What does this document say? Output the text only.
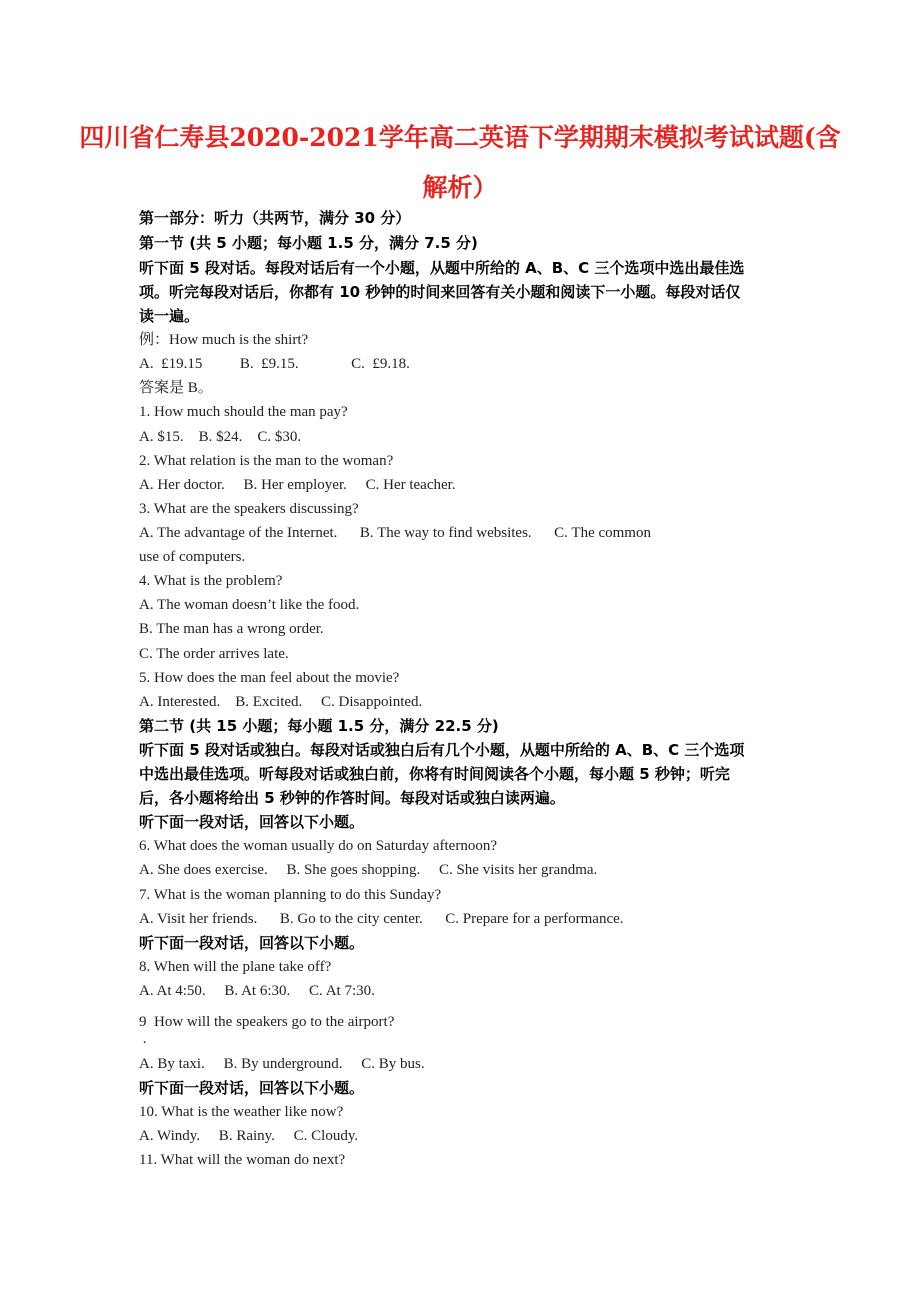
四川省仁寿县2020-2021学年高二英语下学期期末模拟考试试题(含
解析）
第一部分：听力（共两节，满分 30 分）
第一节 (共 5 小题；每小题 1.5 分，满分 7.5 分)
听下面 5 段对话。每段对话后有一个小题，从题中所给的 A、B、C 三个选项中选出最佳选
项。听完每段对话后，你都有 10 秒钟的时间来回答有关小题和阅读下一小题。每段对话仅
读一遍。
例：How much is the shirt?
A.  £19.15          B.  £9.15.              C.  £9.18.
答案是 B。
1. How much should the man pay?
A. $15.    B. $24.    C. $30.
2. What relation is the man to the woman?
A. Her doctor.     B. Her employer.     C. Her teacher.
3. What are the speakers discussing?
A. The advantage of the Internet.      B. The way to find websites.      C. The common
use of computers.
4. What is the problem?
A. The woman doesn’t like the food.
B. The man has a wrong order.
C. The order arrives late.
5. How does the man feel about the movie?
A. Interested.    B. Excited.     C. Disappointed.
第二节 (共 15 小题；每小题 1.5 分，满分 22.5 分)
听下面 5 段对话或独白。每段对话或独白后有几个小题，从题中所给的 A、B、C 三个选项
中选出最佳选项。听每段对话或独白前，你将有时间阅读各个小题，每小题 5 秒钟；听完
后，各小题将给出 5 秒钟的作答时间。每段对话或独白读两遍。
听下面一段对话，回答以下小题。
6. What does the woman usually do on Saturday afternoon?
A. She does exercise.     B. She goes shopping.     C. She visits her grandma.
7. What is the woman planning to do this Sunday?
A. Visit her friends.      B. Go to the city center.      C. Prepare for a performance.
听下面一段对话，回答以下小题。
8. When will the plane take off?
A. At 4:50.     B. At 6:30.     C. At 7:30.
9  How will the speakers go to the airport?
.
A. By taxi.     B. By underground.     C. By bus.
听下面一段对话，回答以下小题。
10. What is the weather like now?
A. Windy.     B. Rainy.     C. Cloudy.
11. What will the woman do next?
